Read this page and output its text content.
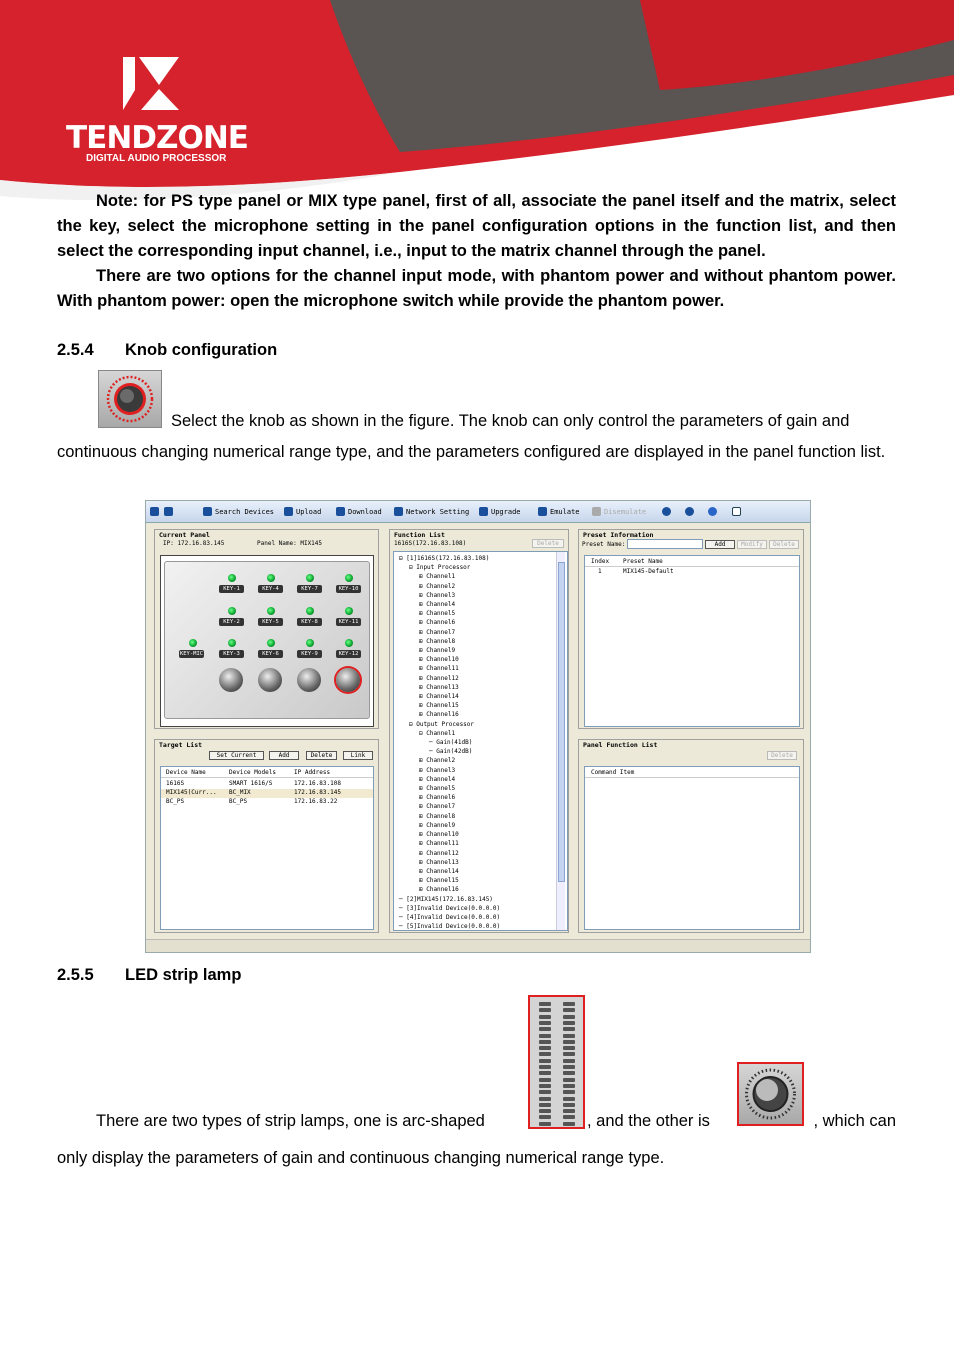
TENDZONE
DIGITAL AUDIO PROCESSOR
Note: for PS type panel or MIX type panel, first of all, associate the panel itself and the matrix, select the key, select the microphone setting in the panel configuration options in the function list, and then select the corresponding input channel, i.e., input to the matrix channel through the panel.
There are two options for the channel input mode, with phantom power and without phantom power. With phantom power: open the microphone switch while provide the phantom power.
2.5.4 Knob configuration
Select the knob as shown in the figure. The knob can only control the parameters of gain and
continuous changing numerical range type, and the parameters configured are displayed in the panel function list.
Search Devices	Upload	Download	Network Setting	Upgrade	Emulate	Disemulate
Current Panel
IP: 172.16.83.145	Panel Name: MIX145
KEY-1	KEY-4	KEY-7	KEY-10
KEY-2	KEY-5	KEY-8	KEY-11
KEY-MIC	KEY-3	KEY-6	KEY-9	KEY-12
Target List
Set Current	Add	Delete	Link
Device Name	Device Models	IP Address
1616S	SMART 1616/S	172.16.83.108
MIX145(Curr... BC_MIX	172.16.83.145
BC_PS	BC_PS	172.16.83.22
Function List
1616S(172.16.83.108)	Delete
⊟ [1]1616S(172.16.83.108)
⊟ Input Processor
⊞ Channel1
⊞ Channel2
⊞ Channel3
⊞ Channel4
⊞ Channel5
⊞ Channel6
⊞ Channel7
⊞ Channel8
⊞ Channel9
⊞ Channel10
⊞ Channel11
⊞ Channel12
⊞ Channel13
⊞ Channel14
⊞ Channel15
⊞ Channel16
⊟ Output Processor
⊟ Channel1
─ Gain(41dB)
─ Gain(42dB)
⊞ Channel2
⊞ Channel3
⊞ Channel4
⊞ Channel5
⊞ Channel6
⊞ Channel7
⊞ Channel8
⊞ Channel9
⊞ Channel10
⊞ Channel11
⊞ Channel12
⊞ Channel13
⊞ Channel14
⊞ Channel15
⊞ Channel16
─ [2]MIX145(172.16.83.145)
─ [3]Invalid Device(0.0.0.0)
─ [4]Invalid Device(0.0.0.0)
─ [5]Invalid Device(0.0.0.0)
Preset Information
Preset Name:	Add	Modify	Delete
Index Preset Name
1	MIX145-Default
Panel Function List
Delete
Command Item
2.5.5 LED strip lamp
There are two types of strip lamps, one is arc-shaped	, and the other is	, which can
only display the parameters of gain and continuous changing numerical range type.
